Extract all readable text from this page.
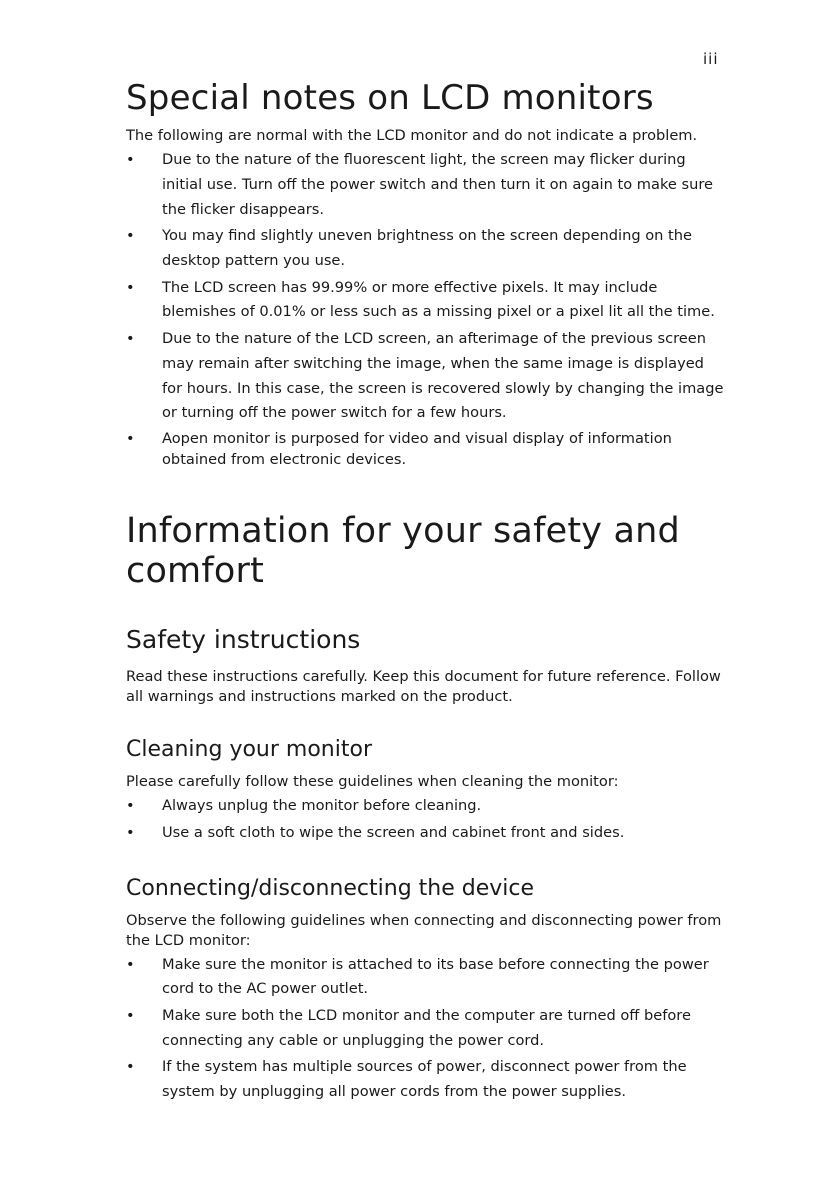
iii
Special notes on LCD monitors

The following are normal with the LCD monitor and do not indicate a problem.

• Due to the nature of the fluorescent light, the screen may flicker during initial use. Turn off the power switch and then turn it on again to make sure the flicker disappears.
• You may find slightly uneven brightness on the screen depending on the desktop pattern you use.
• The LCD screen has 99.99% or more effective pixels. It may include blemishes of 0.01% or less such as a missing pixel or a pixel lit all the time.
• Due to the nature of the LCD screen, an afterimage of the previous screen may remain after switching the image, when the same image is displayed for hours. In this case, the screen is recovered slowly by changing the image or turning off the power switch for a few hours.
• Aopen monitor is purposed for video and visual display of information obtained from electronic devices.
Information for your safety and comfort
Safety instructions

Read these instructions carefully. Keep this document for future reference. Follow all warnings and instructions marked on the product.

Cleaning your monitor

Please carefully follow these guidelines when cleaning the monitor:

• Always unplug the monitor before cleaning.
• Use a soft cloth to wipe the screen and cabinet front and sides.
Connecting/disconnecting the device

Observe the following guidelines when connecting and disconnecting power from the LCD monitor:

• Make sure the monitor is attached to its base before connecting the power cord to the AC power outlet.
• Make sure both the LCD monitor and the computer are turned off before connecting any cable or unplugging the power cord.
• If the system has multiple sources of power, disconnect power from the system by unplugging all power cords from the power supplies.
